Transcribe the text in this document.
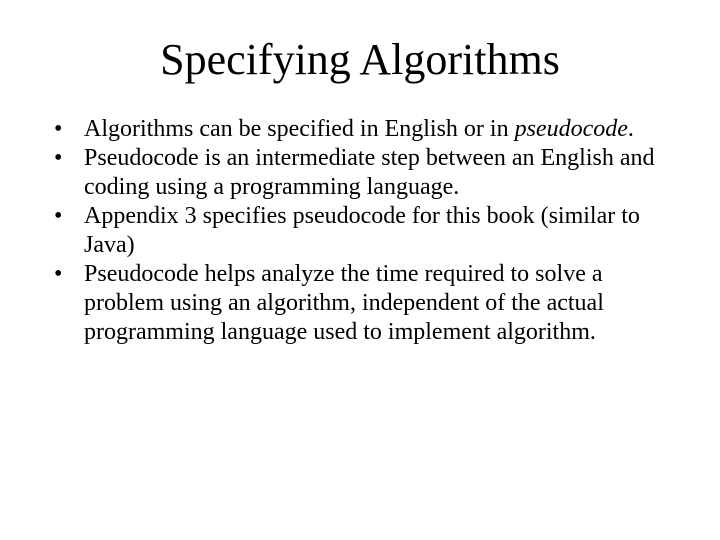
Specifying Algorithms
• Algorithms can be specified in English or in pseudocode.
• Pseudocode is an intermediate step between an English and coding using a programming language.
• Appendix 3 specifies pseudocode for this book (similar to Java)
• Pseudocode helps analyze the time required to solve a problem using an algorithm, independent of the actual programming language used to implement algorithm.
